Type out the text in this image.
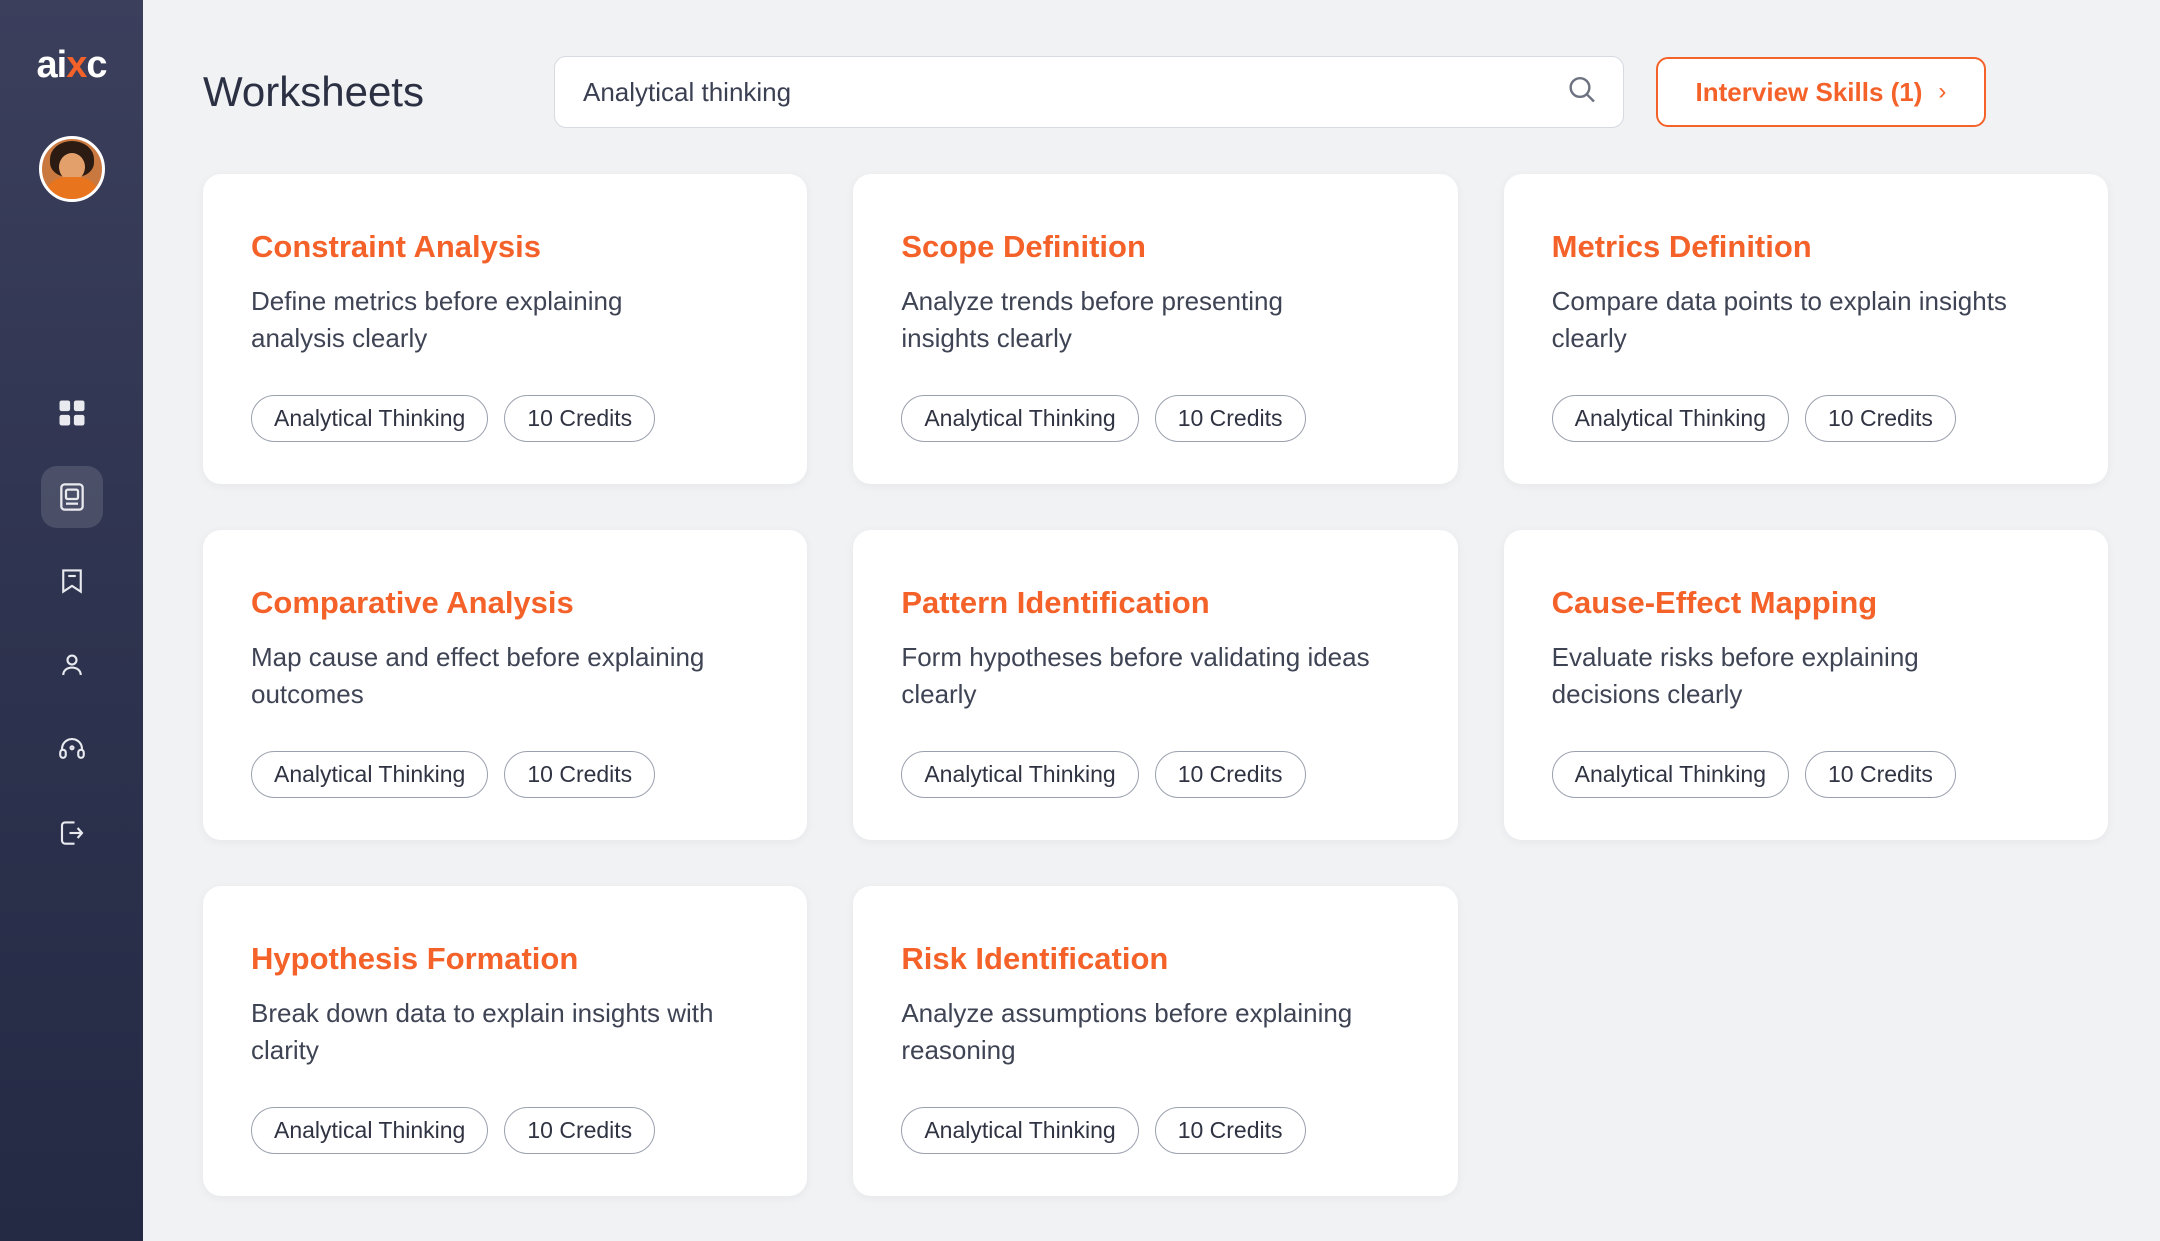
aixc
Worksheets
Analytical thinking	Interview Skills (1) ›
Constraint Analysis
Define metrics before explaining analysis clearly
Analytical Thinking	10 Credits
Scope Definition
Analyze trends before presenting insights clearly
Analytical Thinking	10 Credits
Metrics Definition
Compare data points to explain insights clearly
Analytical Thinking	10 Credits
Comparative Analysis
Map cause and effect before explaining outcomes
Analytical Thinking	10 Credits
Pattern Identification
Form hypotheses before validating ideas clearly
Analytical Thinking	10 Credits
Cause-Effect Mapping
Evaluate risks before explaining decisions clearly
Analytical Thinking	10 Credits
Hypothesis Formation
Break down data to explain insights with clarity
Analytical Thinking	10 Credits
Risk Identification
Analyze assumptions before explaining reasoning
Analytical Thinking	10 Credits
